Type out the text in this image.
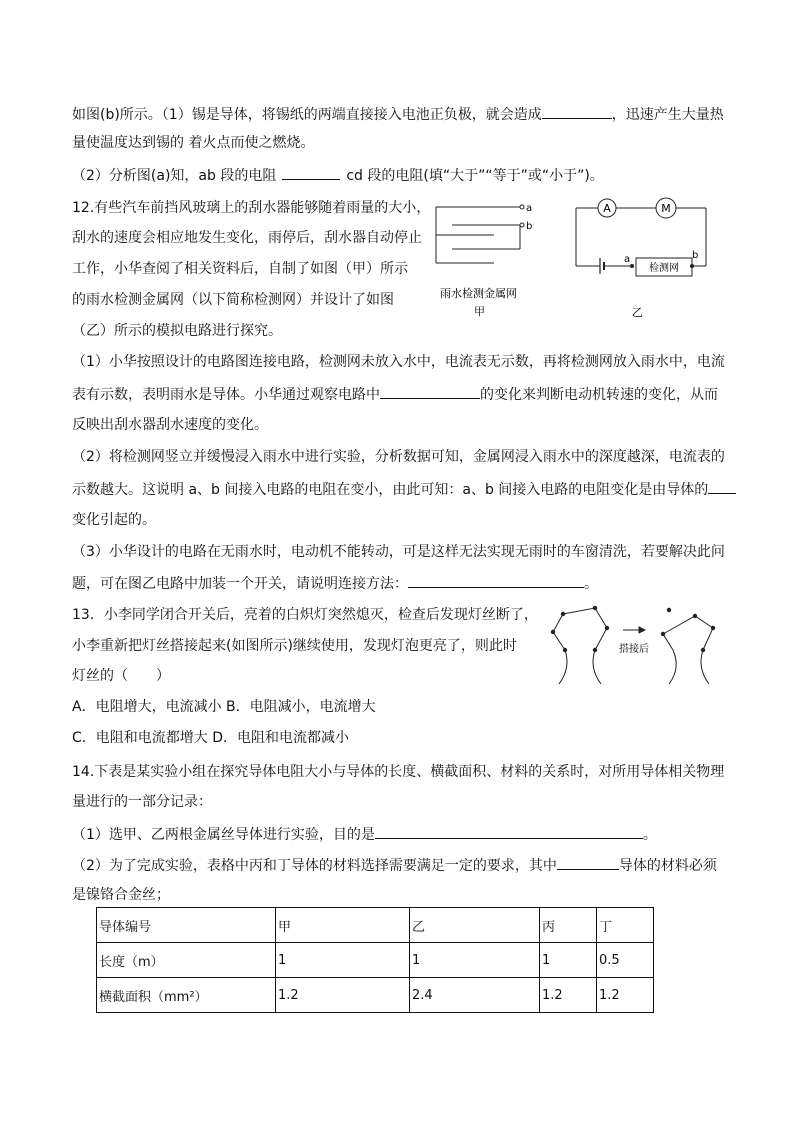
如图(b)所示。（1）锡是导体，将锡纸的两端直接接入电池正负极，就会造成	，迅速产生大量热
量使温度达到锡的 着火点而使之燃烧。
（2）分析图(a)知，ab 段的电阻	cd 段的电阻(填“大于”“等于”或“小于”)。
12.有些汽车前挡风玻璃上的刮水器能够随着雨量的大小，
刮水的速度会相应地发生变化，雨停后，刮水器自动停止
工作，小华查阅了相关资料后，自制了如图（甲）所示
的雨水检测金属网（以下简称检测网）并设计了如图
（乙）所示的模拟电路进行探究。
a
b
雨水检测金属网
甲
A	M
a	b
检测网
乙
（1）小华按照设计的电路图连接电路，检测网未放入水中，电流表无示数，再将检测网放入雨水中，电流
表有示数，表明雨水是导体。小华通过观察电路中	的变化来判断电动机转速的变化，从而
反映出刮水器刮水速度的变化。
（2）将检测网竖立并缓慢浸入雨水中进行实验，分析数据可知，金属网浸入雨水中的深度越深，电流表的
示数越大。这说明 a、b 间接入电路的电阻在变小，由此可知：a、b 间接入电路的电阻变化是由导体的
变化引起的。
（3）小华设计的电路在无雨水时，电动机不能转动，可是这样无法实现无雨时的车窗清洗，若要解决此问
题，可在图乙电路中加装一个开关，请说明连接方法：	。
13．小李同学闭合开关后，亮着的白炽灯突然熄灭，检查后发现灯丝断了，
小李重新把灯丝搭接起来(如图所示)继续使用，发现灯泡更亮了，则此时
灯丝的（　　）
A．电阻增大，电流减小 B．电阻减小，电流增大
C．电阻和电流都增大 D．电阻和电流都减小
搭接后
14.下表是某实验小组在探究导体电阻大小与导体的长度、横截面积、材料的关系时，对所用导体相关物理
量进行的一部分记录：
（1）选甲、乙两根金属丝导体进行实验，目的是	。
（2）为了完成实验，表格中丙和丁导体的材料选择需要满足一定的要求，其中	导体的材料必须
是镍铬合金丝；
导体编号	甲	乙	丙	丁
长度（m）	1	1	1	0.5
横截面积（mm²）	1.2	2.4	1.2	1.2
